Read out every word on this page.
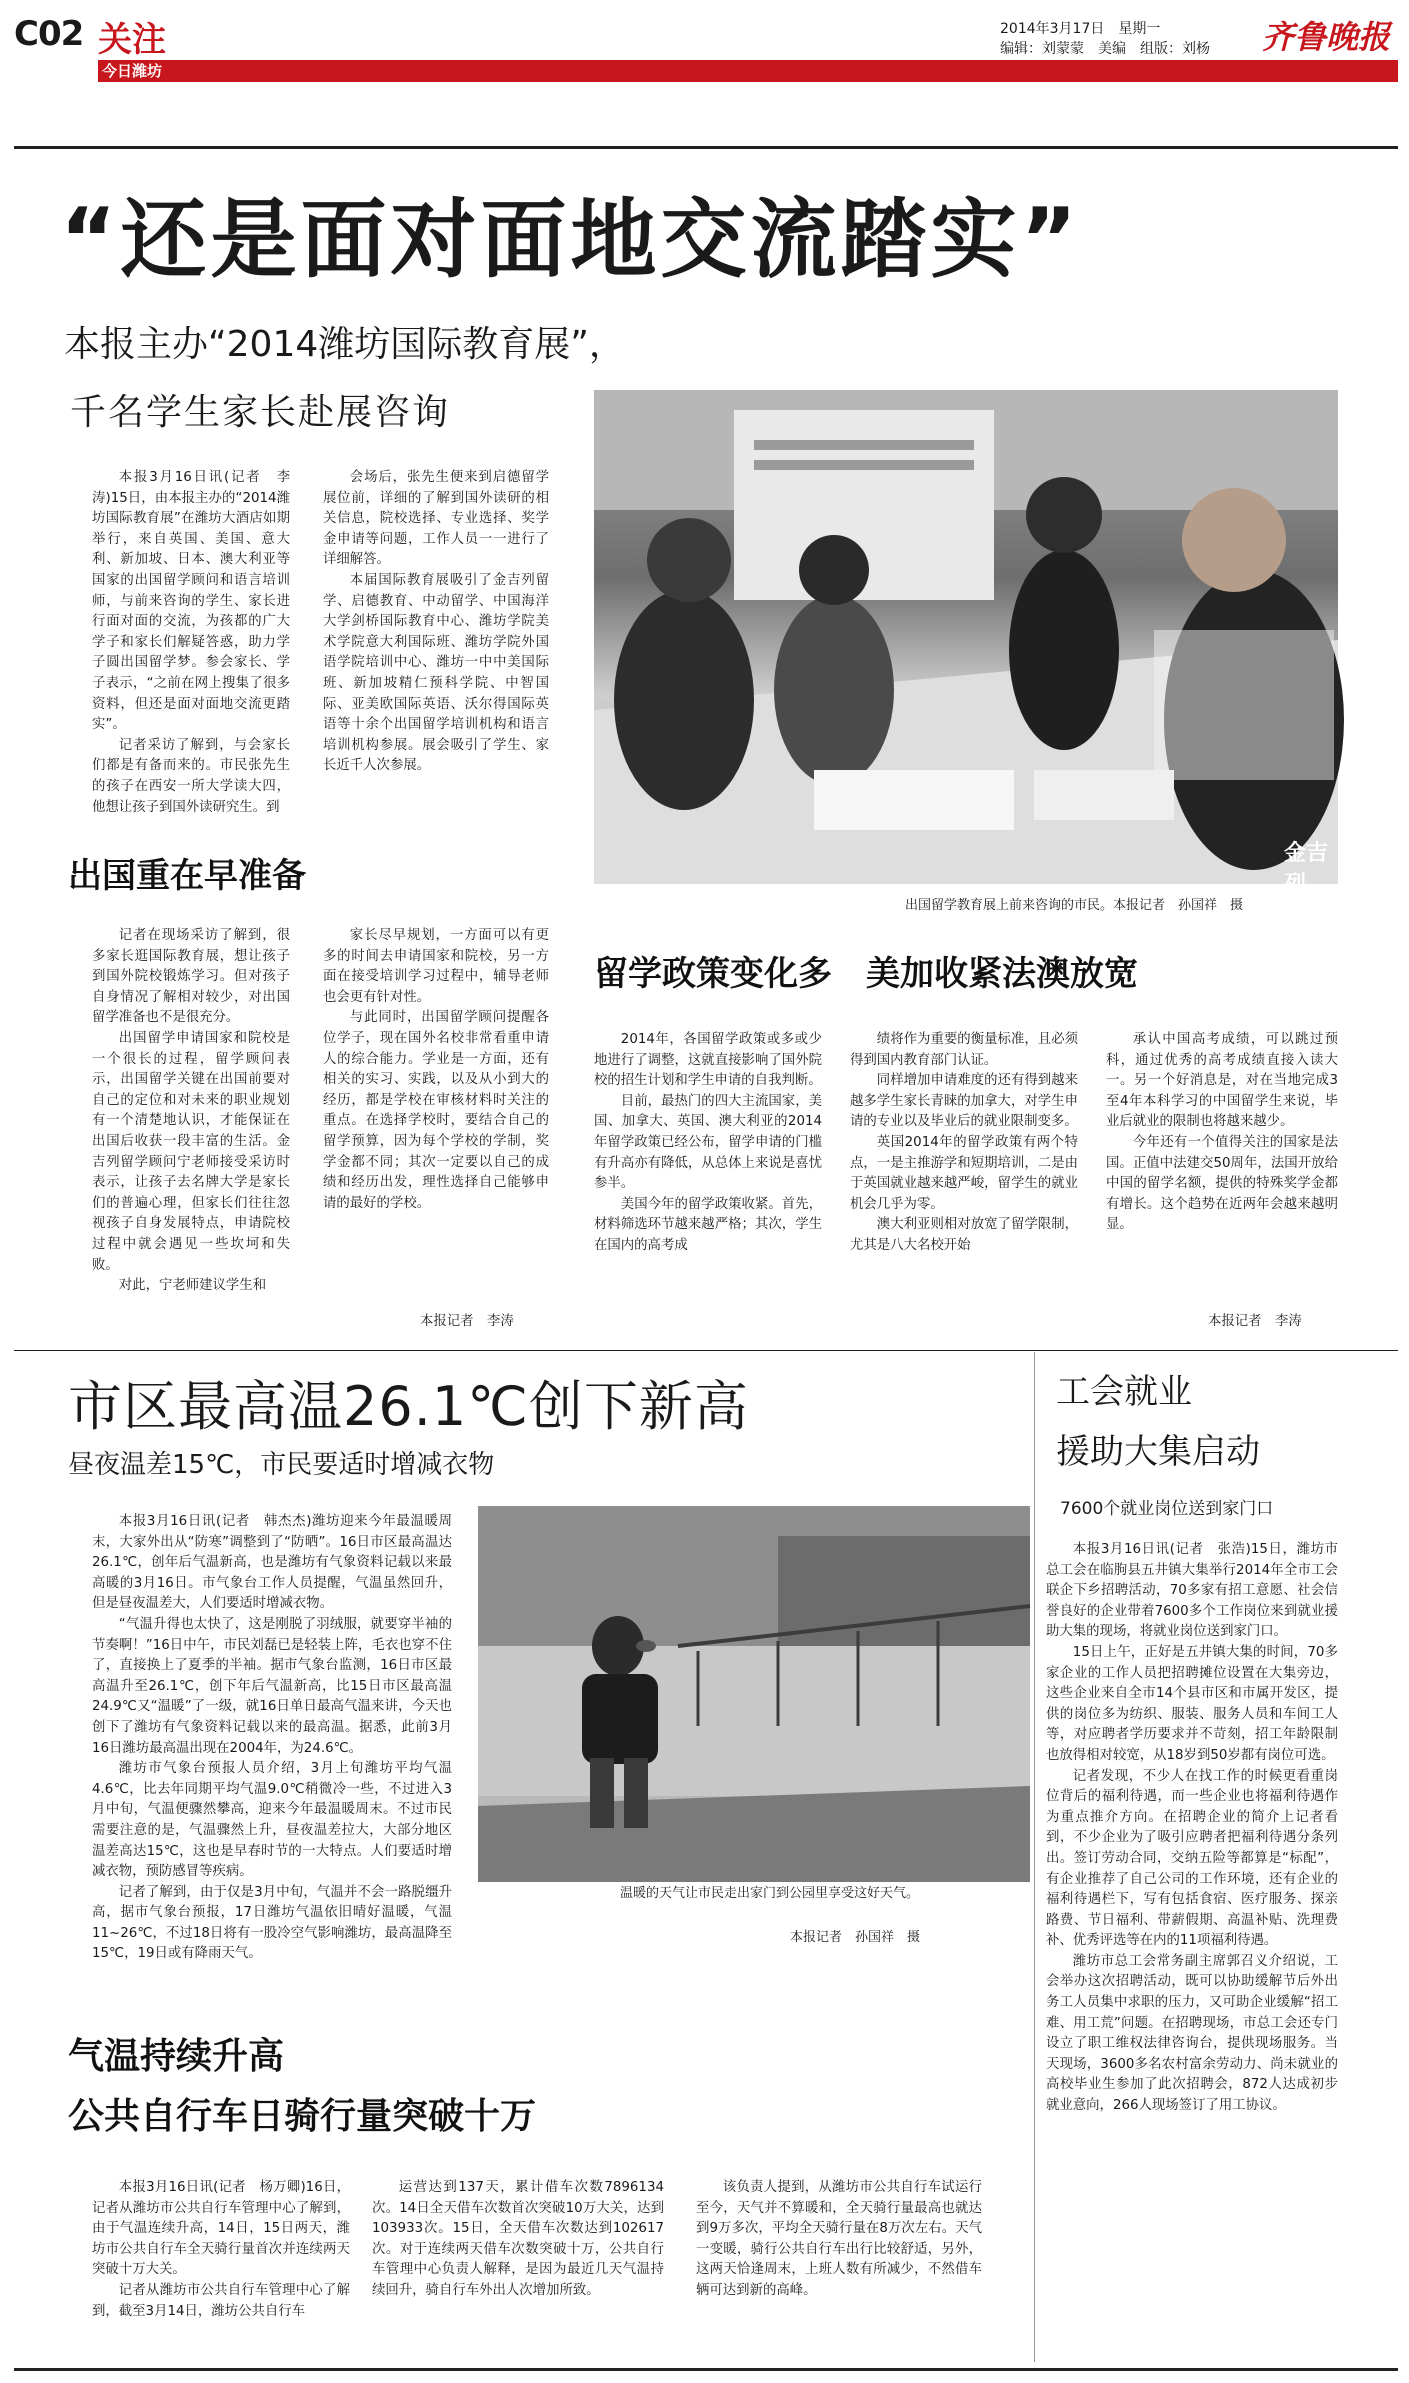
C02 关注
今日潍坊
2014年3月17日　星期一
编辑：刘蒙蒙　美编　组版：刘杨 齐鲁晚报
“还是面对面地交流踏实”
本报主办“2014潍坊国际教育展”，
千名学生家长赴展咨询

本报3月16日讯(记者　李涛)15日，由本报主办的“2014潍坊国际教育展”在潍坊大酒店如期举行，来自英国、美国、意大利、新加坡、日本、澳大利亚等国家的出国留学顾问和语言培训师，与前来咨询的学生、家长进行面对面的交流，为孩都的广大学子和家长们解疑答惑，助力学子圆出国留学梦。参会家长、学子表示，“之前在网上搜集了很多资料，但还是面对面地交流更踏实”。

记者采访了解到，与会家长们都是有备而来的。市民张先生的孩子在西安一所大学读大四，他想让孩子到国外读研究生。到

会场后，张先生便来到启德留学展位前，详细的了解到国外读研的相关信息，院校选择、专业选择、奖学金申请等问题，工作人员一一进行了详细解答。

本届国际教育展吸引了金吉列留学、启德教育、中动留学、中国海洋大学剑桥国际教育中心、潍坊学院美术学院意大利国际班、潍坊学院外国语学院培训中心、潍坊一中中美国际班、新加坡精仁预科学院、中智国际、亚美欧国际英语、沃尔得国际英语等十余个出国留学培训机构和语言培训机构参展。展会吸引了学生、家长近千人次参展。

金吉列
出国留学教育展上前来咨询的市民。本报记者　孙国祥　摄
出国重在早准备

记者在现场采访了解到，很多家长逛国际教育展，想让孩子到国外院校锻炼学习。但对孩子自身情况了解相对较少，对出国留学准备也不是很充分。

出国留学申请国家和院校是一个很长的过程，留学顾问表示，出国留学关键在出国前要对自己的定位和对未来的职业规划有一个清楚地认识，才能保证在出国后收获一段丰富的生活。金吉列留学顾问宁老师接受采访时表示，让孩子去名牌大学是家长们的普遍心理，但家长们往往忽视孩子自身发展特点，申请院校过程中就会遇见一些坎坷和失败。

对此，宁老师建议学生和

家长尽早规划，一方面可以有更多的时间去申请国家和院校，另一方面在接受培训学习过程中，辅导老师也会更有针对性。

与此同时，出国留学顾问提醒各位学子，现在国外名校非常看重申请人的综合能力。学业是一方面，还有相关的实习、实践，以及从小到大的经历，都是学校在审核材料时关注的重点。在选择学校时，要结合自己的留学预算，因为每个学校的学制，奖学金都不同；其次一定要以自己的成绩和经历出发，理性选择自己能够申请的最好的学校。

本报记者　李涛
留学政策变化多　美加收紧法澳放宽

2014年，各国留学政策或多或少地进行了调整，这就直接影响了国外院校的招生计划和学生申请的自我判断。

目前，最热门的四大主流国家，美国、加拿大、英国、澳大利亚的2014年留学政策已经公布，留学申请的门槛有升高亦有降低，从总体上来说是喜忧参半。

美国今年的留学政策收紧。首先，材料筛选环节越来越严格；其次，学生在国内的高考成

绩将作为重要的衡量标准，且必须得到国内教育部门认证。

同样增加申请难度的还有得到越来越多学生家长青睐的加拿大，对学生申请的专业以及毕业后的就业限制变多。

英国2014年的留学政策有两个特点，一是主推游学和短期培训，二是由于英国就业越来越严峻，留学生的就业机会几乎为零。

澳大利亚则相对放宽了留学限制，尤其是八大名校开始

承认中国高考成绩，可以跳过预科，通过优秀的高考成绩直接入读大一。另一个好消息是，对在当地完成3至4年本科学习的中国留学生来说，毕业后就业的限制也将越来越少。

今年还有一个值得关注的国家是法国。正值中法建交50周年，法国开放给中国的留学名额，提供的特殊奖学金都有增长。这个趋势在近两年会越来越明显。

本报记者　李涛
市区最高温26.1℃创下新高
昼夜温差15℃，市民要适时增减衣物

本报3月16日讯(记者　韩杰杰)潍坊迎来今年最温暖周末，大家外出从“防寒”调整到了“防晒”。16日市区最高温达26.1℃，创年后气温新高，也是潍坊有气象资料记载以来最高暖的3月16日。市气象台工作人员提醒，气温虽然回升，但是昼夜温差大，人们要适时增减衣物。

“气温升得也太快了，这是刚脱了羽绒服，就要穿半袖的节奏啊！”16日中午，市民刘磊已是轻装上阵，毛衣也穿不住了，直接换上了夏季的半袖。据市气象台监测，16日市区最高温升至26.1℃，创下年后气温新高，比15日市区最高温24.9℃又“温暖”了一级，就16日单日最高气温来讲，今天也创下了潍坊有气象资料记载以来的最高温。据悉，此前3月16日潍坊最高温出现在2004年，为24.6℃。

潍坊市气象台预报人员介绍，3月上旬潍坊平均气温4.6℃，比去年同期平均气温9.0℃稍微冷一些，不过进入3月中旬，气温便骤然攀高，迎来今年最温暖周末。不过市民需要注意的是，气温骤然上升，昼夜温差拉大，大部分地区温差高达15℃，这也是早春时节的一大特点。人们要适时增减衣物，预防感冒等疾病。

记者了解到，由于仅是3月中旬，气温并不会一路脱缰升高，据市气象台预报，17日潍坊气温依旧晴好温暖，气温11~26℃，不过18日将有一股冷空气影响潍坊，最高温降至15℃，19日或有降雨天气。

温暖的天气让市民走出家门到公园里享受这好天气。
本报记者　孙国祥　摄
气温持续升高
公共自行车日骑行量突破十万

本报3月16日讯(记者　杨万卿)16日，记者从潍坊市公共自行车管理中心了解到，由于气温连续升高，14日，15日两天，潍坊市公共自行车全天骑行量首次并连续两天突破十万大关。

记者从潍坊市公共自行车管理中心了解到，截至3月14日，潍坊公共自行车

运营达到137天，累计借车次数7896134次。14日全天借车次数首次突破10万大关，达到103933次。15日，全天借车次数达到102617次。对于连续两天借车次数突破十万，公共自行车管理中心负责人解释，是因为最近几天气温持续回升，骑自行车外出人次增加所致。

该负责人提到，从潍坊市公共自行车试运行至今，天气并不算暖和，全天骑行量最高也就达到9万多次，平均全天骑行量在8万次左右。天气一变暖，骑行公共自行车出行比较舒适，另外，这两天恰逢周末，上班人数有所减少，不然借车辆可达到新的高峰。

工会就业
援助大集启动
7600个就业岗位送到家门口

本报3月16日讯(记者　张浩)15日，潍坊市总工会在临朐县五井镇大集举行2014年全市工会联企下乡招聘活动，70多家有招工意愿、社会信誉良好的企业带着7600多个工作岗位来到就业援助大集的现场，将就业岗位送到家门口。

15日上午，正好是五井镇大集的时间，70多家企业的工作人员把招聘摊位设置在大集旁边，这些企业来自全市14个县市区和市属开发区，提供的岗位多为纺织、服装、服务人员和车间工人等，对应聘者学历要求并不苛刻，招工年龄限制也放得相对较宽，从18岁到50岁都有岗位可选。

记者发现，不少人在找工作的时候更看重岗位背后的福利待遇，而一些企业也将福利待遇作为重点推介方向。在招聘企业的简介上记者看到，不少企业为了吸引应聘者把福利待遇分条列出。签订劳动合同，交纳五险等都算是“标配”，有企业推荐了自己公司的工作环境，还有企业的福利待遇栏下，写有包括食宿、医疗服务、探亲路费、节日福利、带薪假期、高温补贴、洗理费补、优秀评选等在内的11项福利待遇。

潍坊市总工会常务副主席郭召义介绍说，工会举办这次招聘活动，既可以协助缓解节后外出务工人员集中求职的压力，又可助企业缓解“招工难、用工荒”问题。在招聘现场，市总工会还专门设立了职工维权法律咨询台，提供现场服务。当天现场，3600多名农村富余劳动力、尚未就业的高校毕业生参加了此次招聘会，872人达成初步就业意向，266人现场签订了用工协议。
